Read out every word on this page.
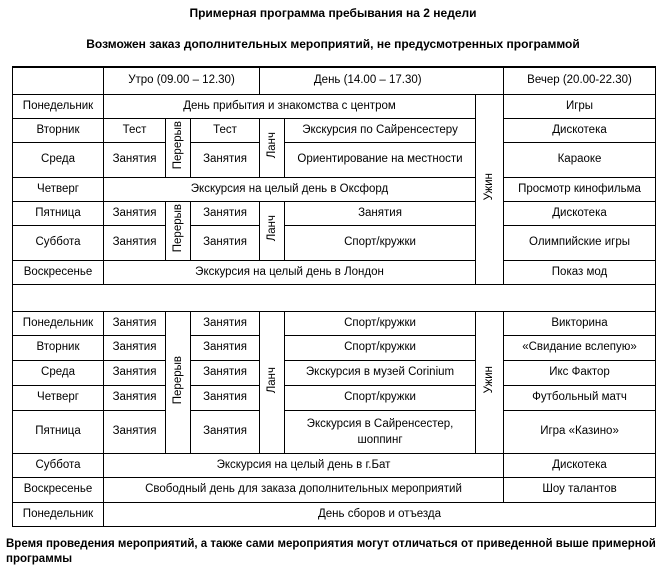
Примерная программа пребывания на 2 недели
Возможен заказ дополнительных мероприятий, не предусмотренных программой
	Утро (09.00 – 12.30)			День (14.00 – 17.30)			Вечер (20.00-22.30)
Понедельник	День прибытия и знакомства с центром					Ужин	Игры
Вторник	Тест	Перерыв	Тест	Ланч	Экскурсия по Сайренсестеру		Дискотека
Среда	Занятия		Занятия		Ориентирование на местности		Караоке
Четверг	Экскурсия на целый день в Оксфорд						Просмотр кинофильма
Пятница	Занятия	Перерыв	Занятия	Ланч	Занятия		Дискотека
Суббота	Занятия		Занятия		Спорт/кружки		Олимпийские игры
Воскресенье	Экскурсия на целый день в Лондон						Показ мод

Понедельник	Занятия	Перерыв	Занятия	Ланч	Спорт/кружки	Ужин	Викторина
Вторник	Занятия		Занятия		Спорт/кружки		«Свидание вслепую»
Среда	Занятия		Занятия		Экскурсия в музей Corinium		Икс Фактор
Четверг	Занятия		Занятия		Спорт/кружки		Футбольный матч
Пятница	Занятия		Занятия		Экскурсия в Сайренсестер, шоппинг		Игра «Казино»
Суббота	Экскурсия на целый день в г.Бат						Дискотека
Воскресенье	Свободный день для заказа дополнительных мероприятий						Шоу талантов
Понедельник	День сборов и отъезда						
Время проведения мероприятий, а также сами мероприятия могут отличаться от приведенной выше примерной программы
